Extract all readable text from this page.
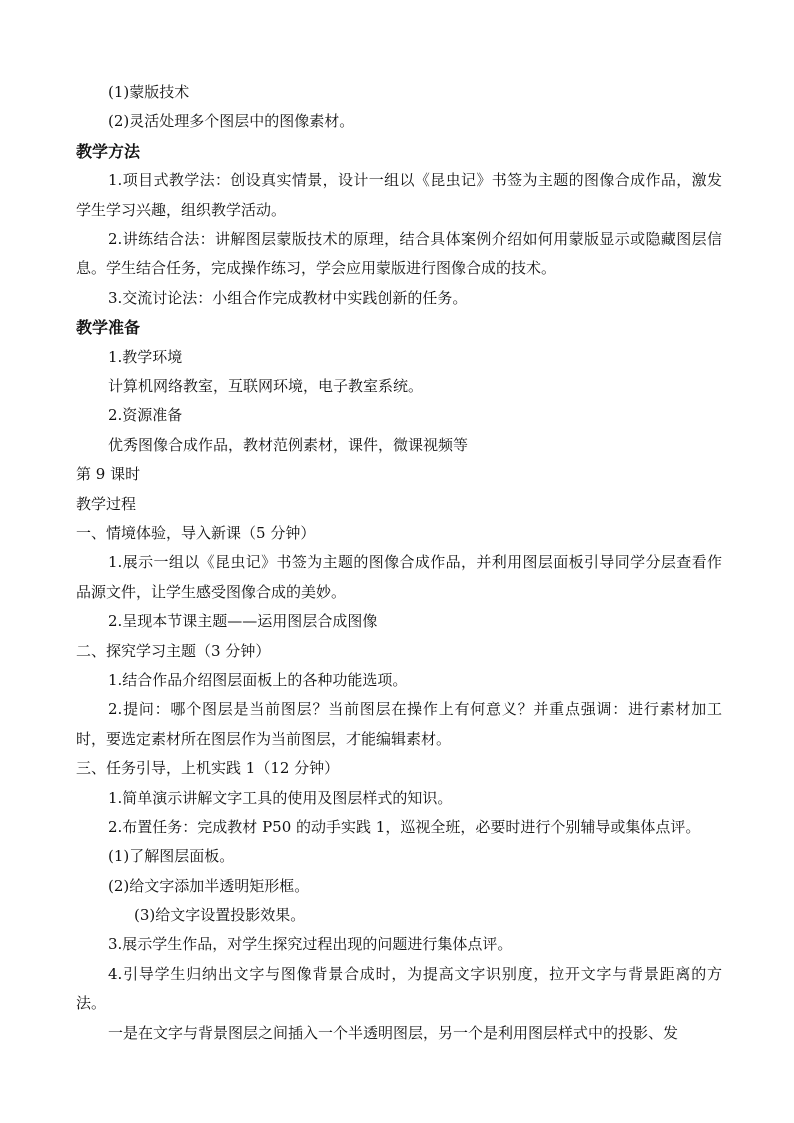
(1)蒙版技术
(2)灵活处理多个图层中的图像素材。
教学方法

1.项目式教学法：创设真实情景，设计一组以《昆虫记》书签为主题的图像合成作品，激发学生学习兴趣，组织教学活动。

2.讲练结合法：讲解图层蒙版技术的原理，结合具体案例介绍如何用蒙版显示或隐藏图层信息。学生结合任务，完成操作练习，学会应用蒙版进行图像合成的技术。

3.交流讨论法：小组合作完成教材中实践创新的任务。

教学准备
1.教学环境
计算机网络教室，互联网环境，电子教室系统。
2.资源准备
优秀图像合成作品，教材范例素材，课件，微课视频等
第 9 课时
教学过程
一、情境体验，导入新课（5 分钟）

1.展示一组以《昆虫记》书签为主题的图像合成作品，并利用图层面板引导同学分层查看作品源文件，让学生感受图像合成的美妙。

2.呈现本节课主题——运用图层合成图像
二、探究学习主题（3 分钟）
1.结合作品介绍图层面板上的各种功能选项。

2.提问：哪个图层是当前图层？当前图层在操作上有何意义？并重点强调：进行素材加工时，要选定素材所在图层作为当前图层，才能编辑素材。

三、任务引导，上机实践 1（12 分钟）
1.简单演示讲解文字工具的使用及图层样式的知识。
2.布置任务：完成教材 P50 的动手实践 1，巡视全班，必要时进行个别辅导或集体点评。
(1)了解图层面板。
(2)给文字添加半透明矩形框。
(3)给文字设置投影效果。
3.展示学生作品，对学生探究过程出现的问题进行集体点评。

4.引导学生归纳出文字与图像背景合成时，为提高文字识别度，拉开文字与背景距离的方法。

一是在文字与背景图层之间插入一个半透明图层，另一个是利用图层样式中的投影、发
